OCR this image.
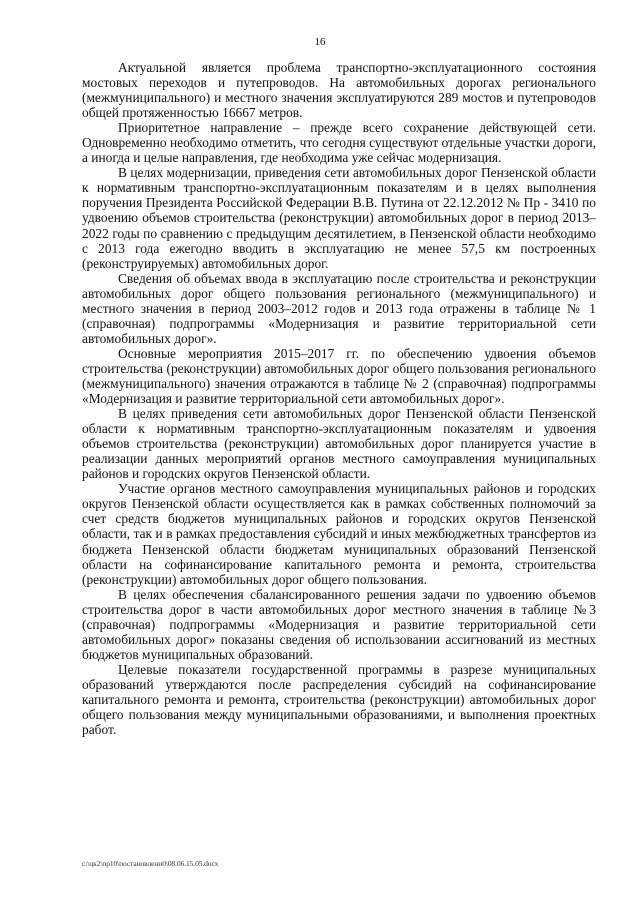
16

Актуальной является проблема транспортно-эксплуатационного состояния мостовых переходов и путепроводов. На автомобильных дорогах регионального (межмуниципального) и местного значения эксплуатируются 289 мостов и путепроводов общей протяженностью 16667 метров.

Приоритетное направление – прежде всего сохранение действующей сети. Одновременно необходимо отметить, что сегодня существуют отдельные участки дороги, а иногда и целые направления, где необходима уже сейчас модернизация.

В целях модернизации, приведения сети автомобильных дорог Пензенской области к нормативным транспортно-эксплуатационным показателям и в целях выполнения поручения Президента Российской Федерации В.В. Путина от 22.12.2012 № Пр - 3410 по удвоению объемов строительства (реконструкции) автомобильных дорог в период 2013–2022 годы по сравнению с предыдущим десятилетием, в Пензенской области необходимо с 2013 года ежегодно вводить в эксплуатацию не менее 57,5 км построенных (реконструируемых) автомобильных дорог.

Сведения об объемах ввода в эксплуатацию после строительства и реконструкции автомобильных дорог общего пользования регионального (межмуниципального) и местного значения в период 2003–2012 годов и 2013 года отражены в таблице № 1 (справочная) подпрограммы «Модернизация и развитие территориальной сети автомобильных дорог».

Основные мероприятия 2015–2017 гг. по обеспечению удвоения объемов строительства (реконструкции) автомобильных дорог общего пользования регионального (межмуниципального) значения отражаются в таблице № 2 (справочная) подпрограммы «Модернизация и развитие территориальной сети автомобильных дорог».

В целях приведения сети автомобильных дорог Пензенской области Пензенской области к нормативным транспортно-эксплуатационным показателям и удвоения объемов строительства (реконструкции) автомобильных дорог планируется участие в реализации данных мероприятий органов местного самоуправления муниципальных районов и городских округов Пензенской области.

Участие органов местного самоуправления муниципальных районов и городских округов Пензенской области осуществляется как в рамках собственных полномочий за счет средств бюджетов муниципальных районов и городских округов Пензенской области, так и в рамках предоставления субсидий и иных межбюджетных трансфертов из бюджета Пензенской области бюджетам муниципальных образований Пензенской области на софинансирование капитального ремонта и ремонта, строительства (реконструкции) автомобильных дорог общего пользования.

В целях обеспечения сбалансированного решения задачи по удвоению объемов строительства дорог в части автомобильных дорог местного значения в таблице №3 (справочная) подпрограммы «Модернизация и развитие территориальной сети автомобильных дорог» показаны сведения об использовании ассигнований из местных бюджетов муниципальных образований.

Целевые показатели государственной программы в разрезе муниципальных образований утверждаются после распределения субсидий на софинансирование капитального ремонта и ремонта, строительства (реконструкции) автомобильных дорог общего пользования между муниципальными образованиями, и выполнения проектных работ.

c:\цк2\пр10\постановлени0\08.06.15.05.docx
